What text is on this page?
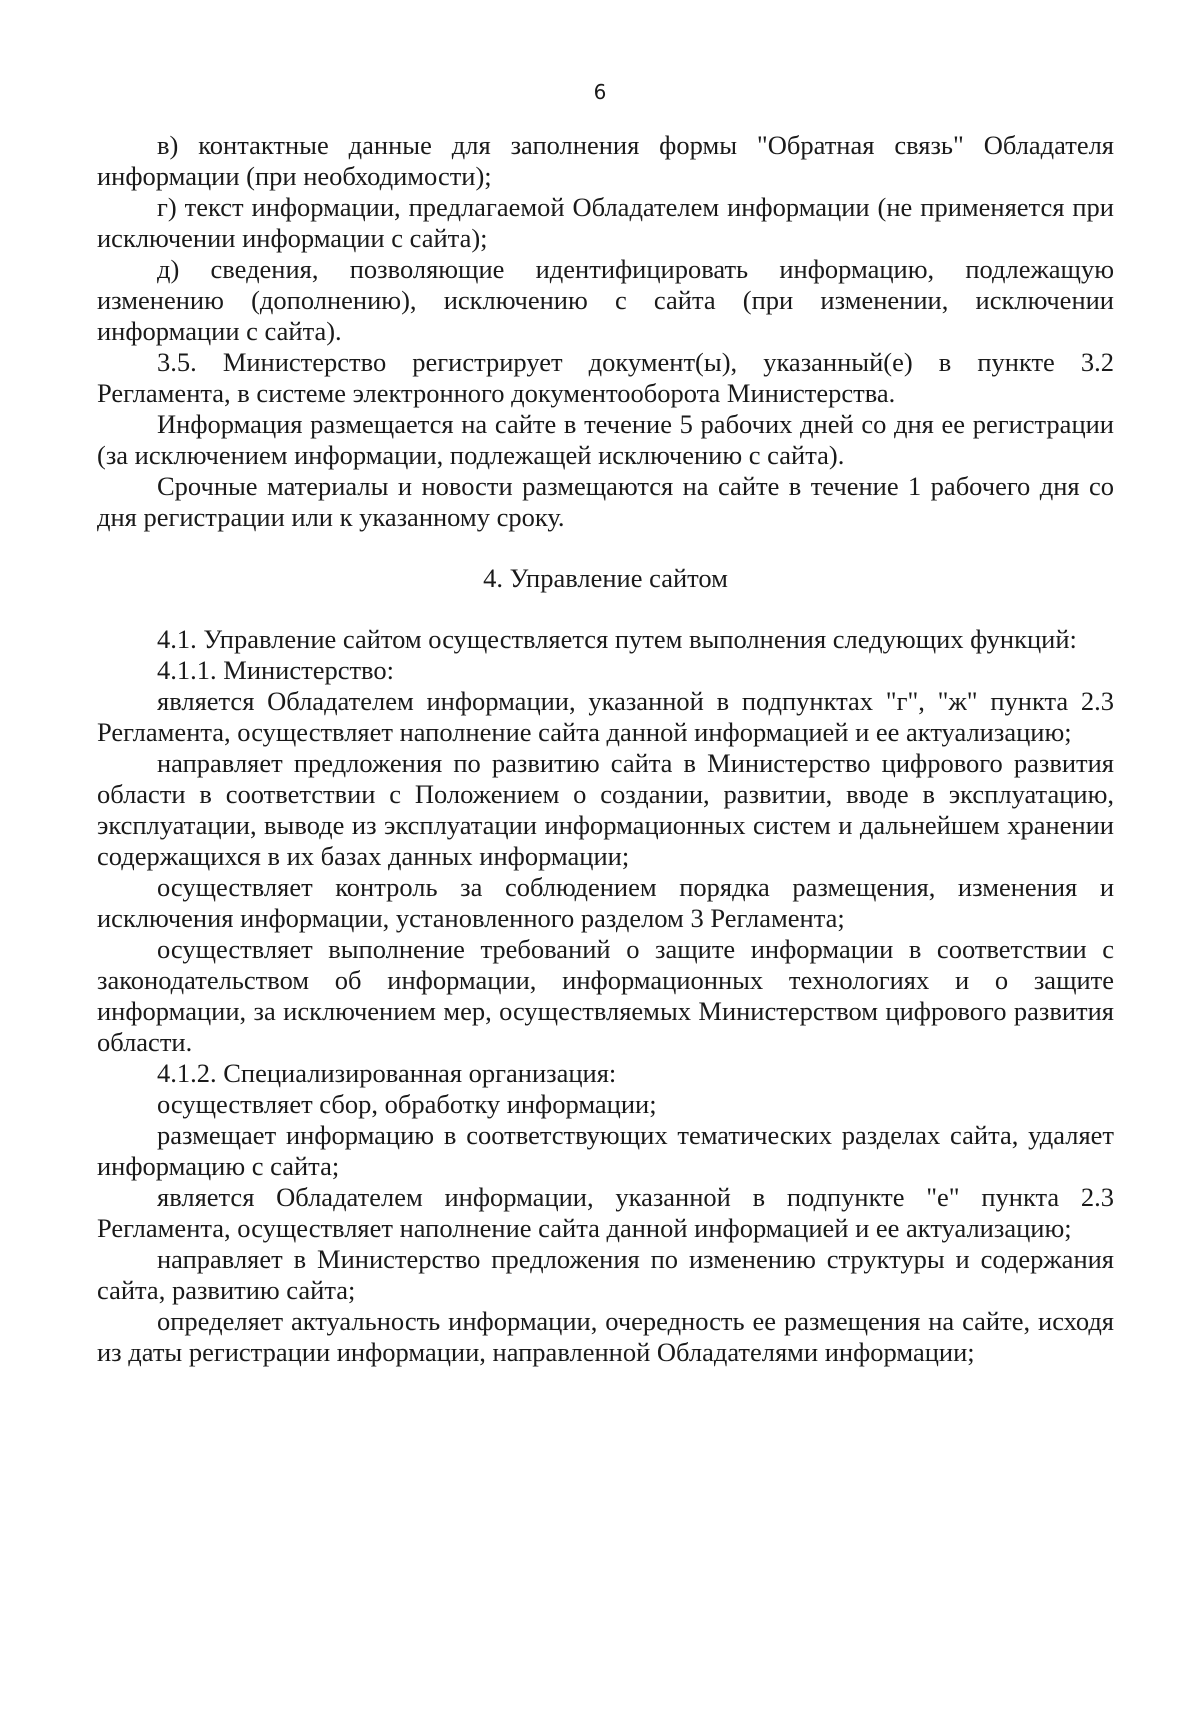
6

в) контактные данные для заполнения формы "Обратная связь" Обладателя информации (при необходимости);

г) текст информации, предлагаемой Обладателем информации (не применяется при исключении информации с сайта);

д) сведения, позволяющие идентифицировать информацию, подлежащую изменению (дополнению), исключению с сайта (при изменении, исключении информации с сайта).

3.5. Министерство регистрирует документ(ы), указанный(е) в пункте 3.2 Регламента, в системе электронного документооборота Министерства.

Информация размещается на сайте в течение 5 рабочих дней со дня ее регистрации (за исключением информации, подлежащей исключению с сайта).

Срочные материалы и новости размещаются на сайте в течение 1 рабочего дня со дня регистрации или к указанному сроку.

4. Управление сайтом

4.1. Управление сайтом осуществляется путем выполнения следующих функций:

4.1.1. Министерство:

является Обладателем информации, указанной в подпунктах "г", "ж" пункта 2.3 Регламента, осуществляет наполнение сайта данной информацией и ее актуализацию;

направляет предложения по развитию сайта в Министерство цифрового развития области в соответствии с Положением о создании, развитии, вводе в эксплуатацию, эксплуатации, выводе из эксплуатации информационных систем и дальнейшем хранении содержащихся в их базах данных информации;

осуществляет контроль за соблюдением порядка размещения, изменения и исключения информации, установленного разделом 3 Регламента;

осуществляет выполнение требований о защите информации в соответствии с законодательством об информации, информационных технологиях и о защите информации, за исключением мер, осуществляемых Министерством цифрового развития области.

4.1.2. Специализированная организация:

осуществляет сбор, обработку информации;

размещает информацию в соответствующих тематических разделах сайта, удаляет информацию с сайта;

является Обладателем информации, указанной в подпункте "е" пункта 2.3 Регламента, осуществляет наполнение сайта данной информацией и ее актуализацию;

направляет в Министерство предложения по изменению структуры и содержания сайта, развитию сайта;

определяет актуальность информации, очередность ее размещения на сайте, исходя из даты регистрации информации, направленной Обладателями информации;
